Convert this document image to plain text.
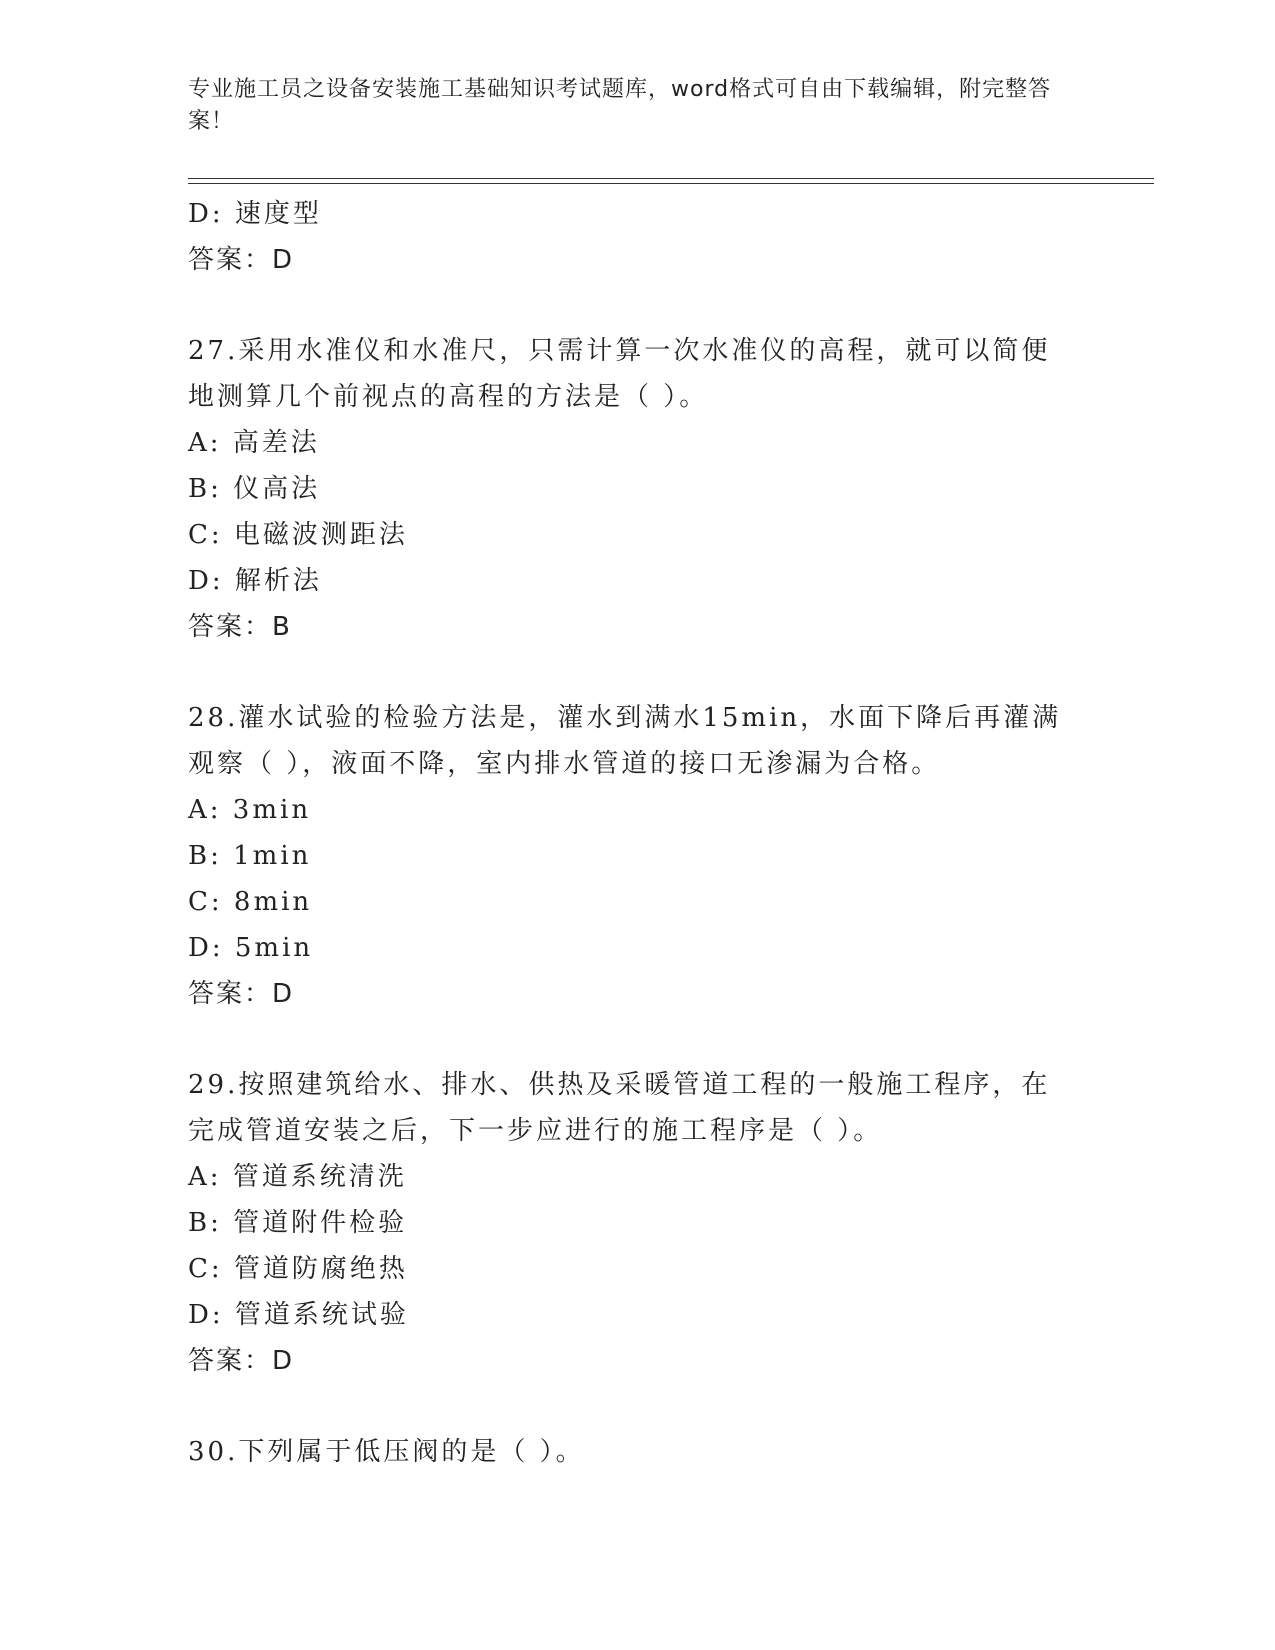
专业施工员之设备安装施工基础知识考试题库，word格式可自由下载编辑，附完整答案！
D: 速度型
答案：D
27.采用水准仪和水准尺，只需计算一次水准仪的高程，就可以简便地测算几个前视点的高程的方法是（ ）。
A: 高差法
B: 仪高法
C: 电磁波测距法
D: 解析法
答案：B
28.灌水试验的检验方法是，灌水到满水15min，水面下降后再灌满观察（ ），液面不降，室内排水管道的接口无渗漏为合格。
A: 3min
B: 1min
C: 8min
D: 5min
答案：D
29.按照建筑给水、排水、供热及采暖管道工程的一般施工程序，在完成管道安装之后，下一步应进行的施工程序是（ ）。
A: 管道系统清洗
B: 管道附件检验
C: 管道防腐绝热
D: 管道系统试验
答案：D
30.下列属于低压阀的是（ ）。
